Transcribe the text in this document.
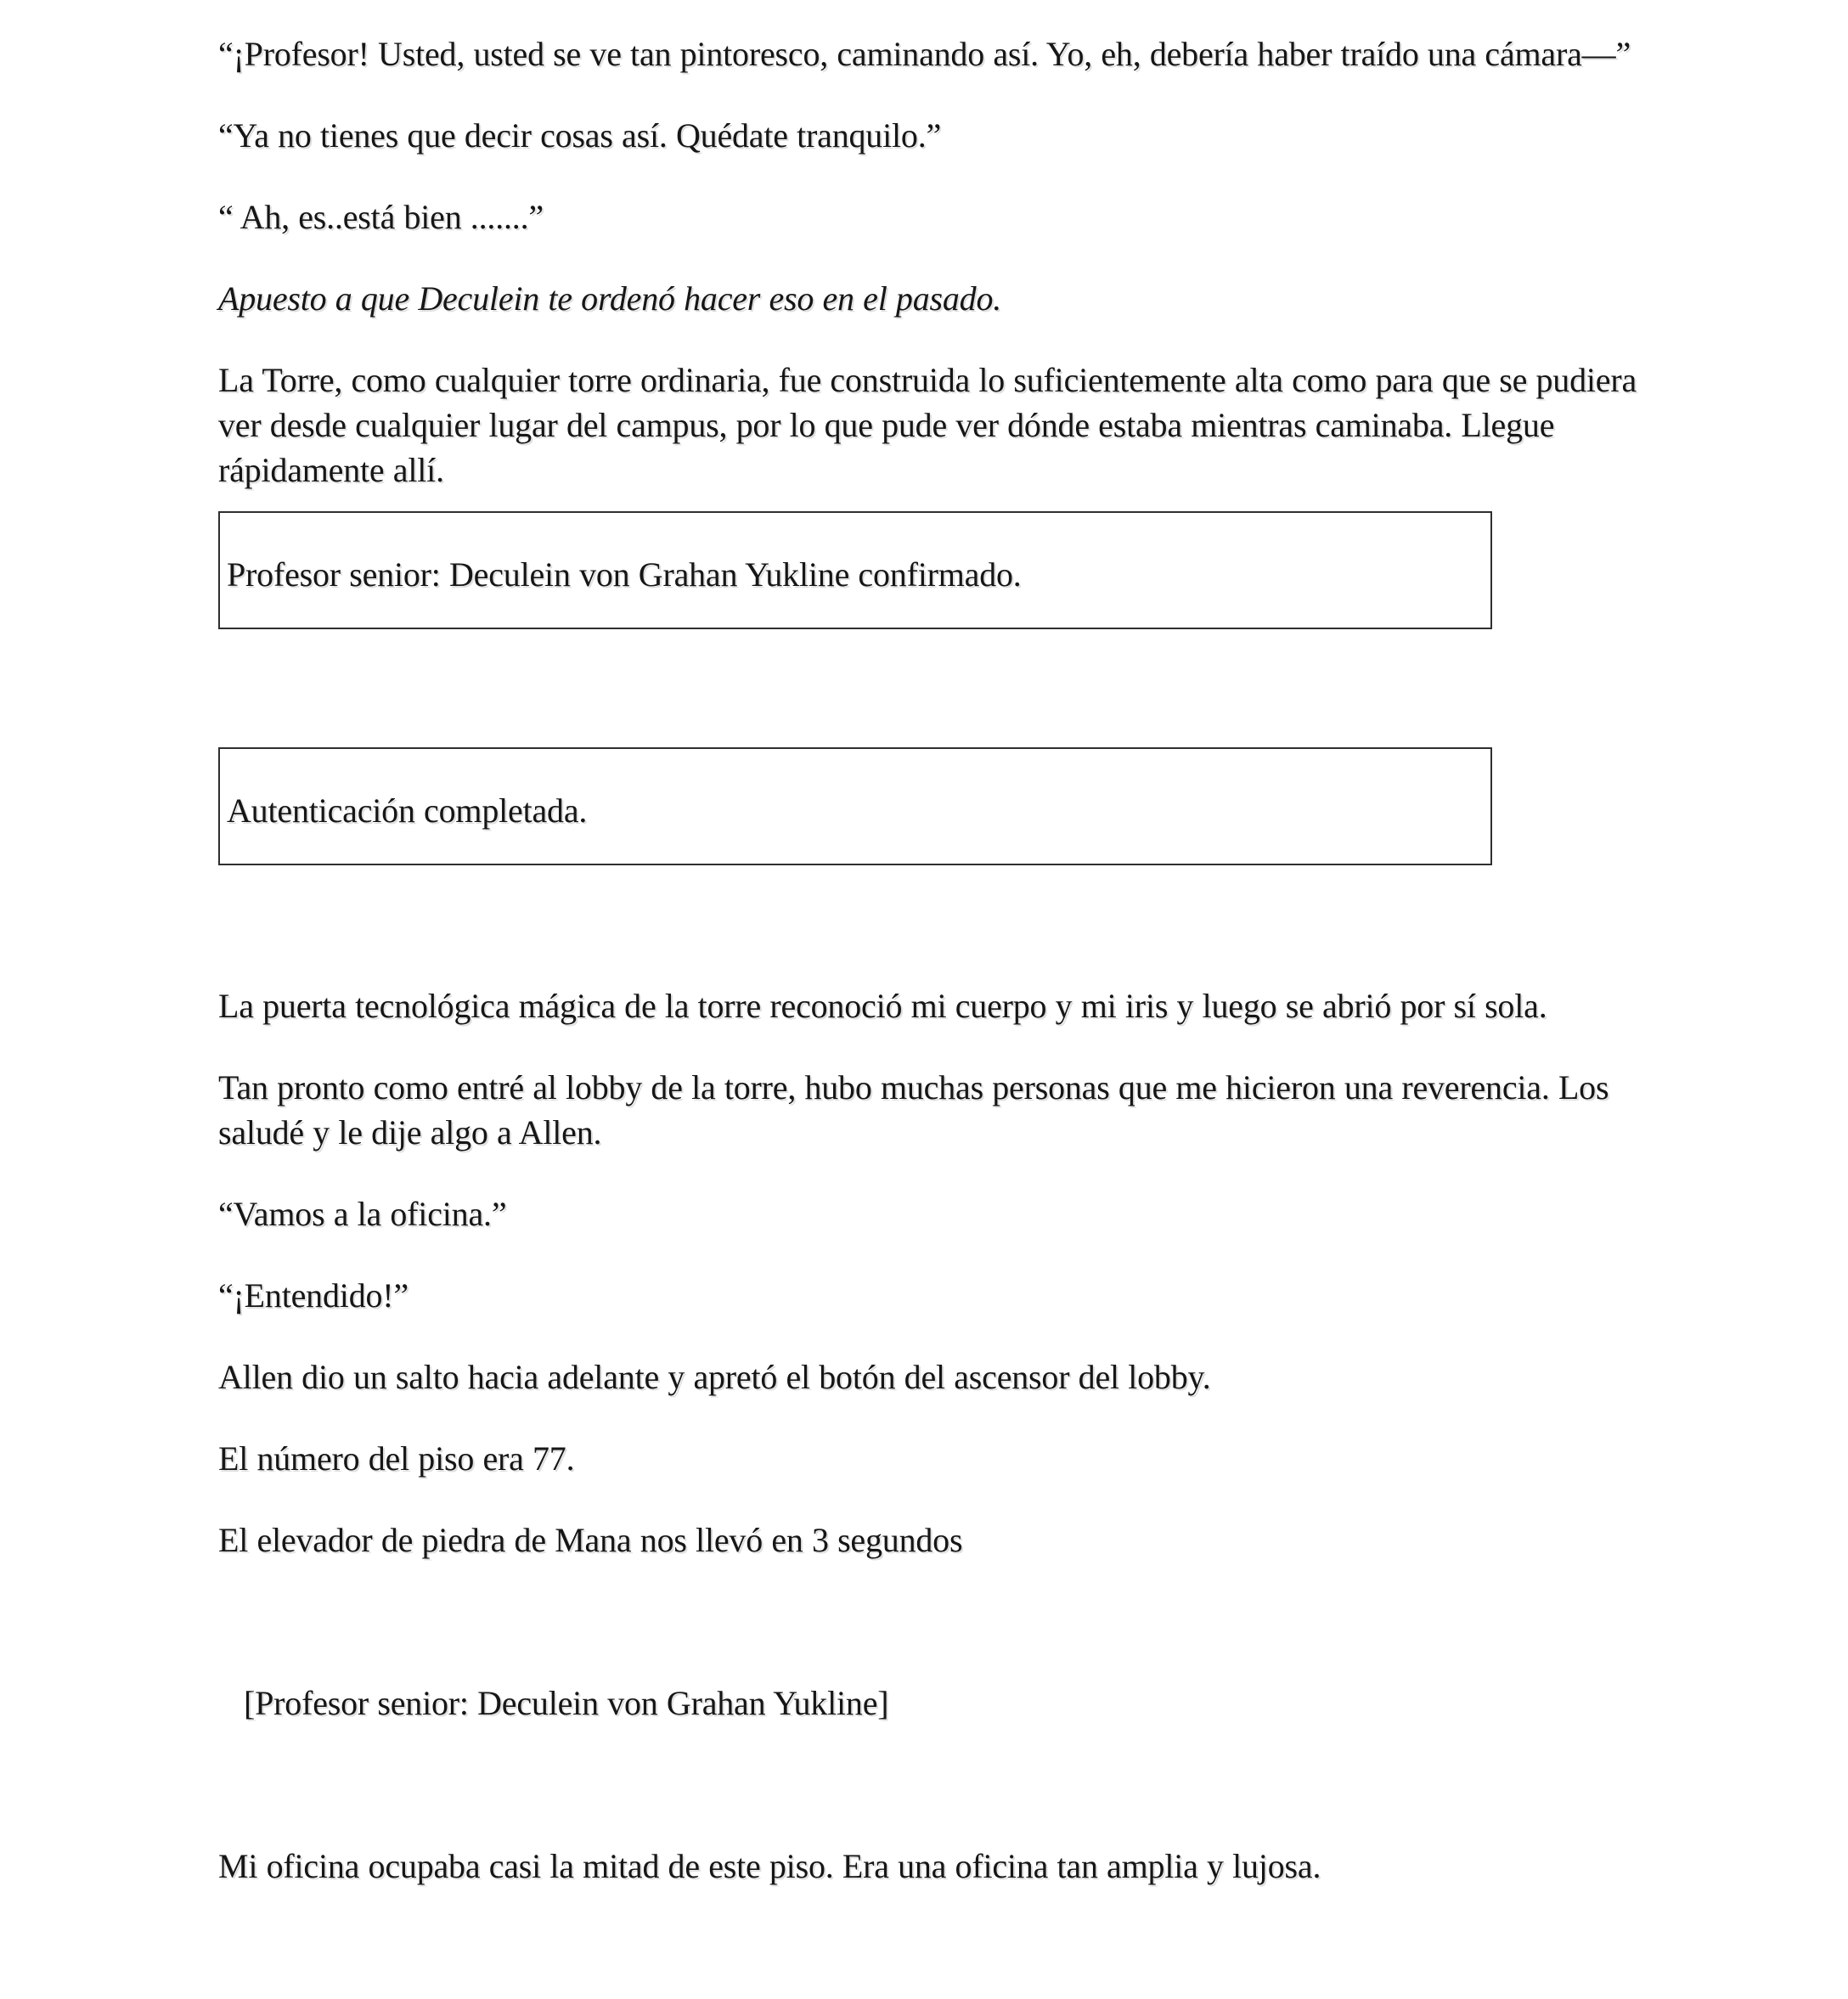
“¡Profesor! Usted, usted se ve tan pintoresco, caminando así. Yo, eh, debería haber traído una cámara—”

“Ya no tienes que decir cosas así. Quédate tranquilo.”

“ Ah, es..está bien .......”

Apuesto a que Deculein te ordenó hacer eso en el pasado.

La Torre, como cualquier torre ordinaria, fue construida lo suficientemente alta como para que se pudiera ver desde cualquier lugar del campus, por lo que pude ver dónde estaba mientras caminaba. Llegue rápidamente allí.

Profesor senior: Deculein von Grahan Yukline confirmado.

Autenticación completada.

La puerta tecnológica mágica de la torre reconoció mi cuerpo y mi iris y luego se abrió por sí sola.

Tan pronto como entré al lobby de la torre, hubo muchas personas que me hicieron una reverencia. Los saludé y le dije algo a Allen.

“Vamos a la oficina.”

“¡Entendido!”

Allen dio un salto hacia adelante y apretó el botón del ascensor del lobby.

El número del piso era 77.

El elevador de piedra de Mana nos llevó en 3 segundos

[Profesor senior: Deculein von Grahan Yukline]

Mi oficina ocupaba casi la mitad de este piso. Era una oficina tan amplia y lujosa.
